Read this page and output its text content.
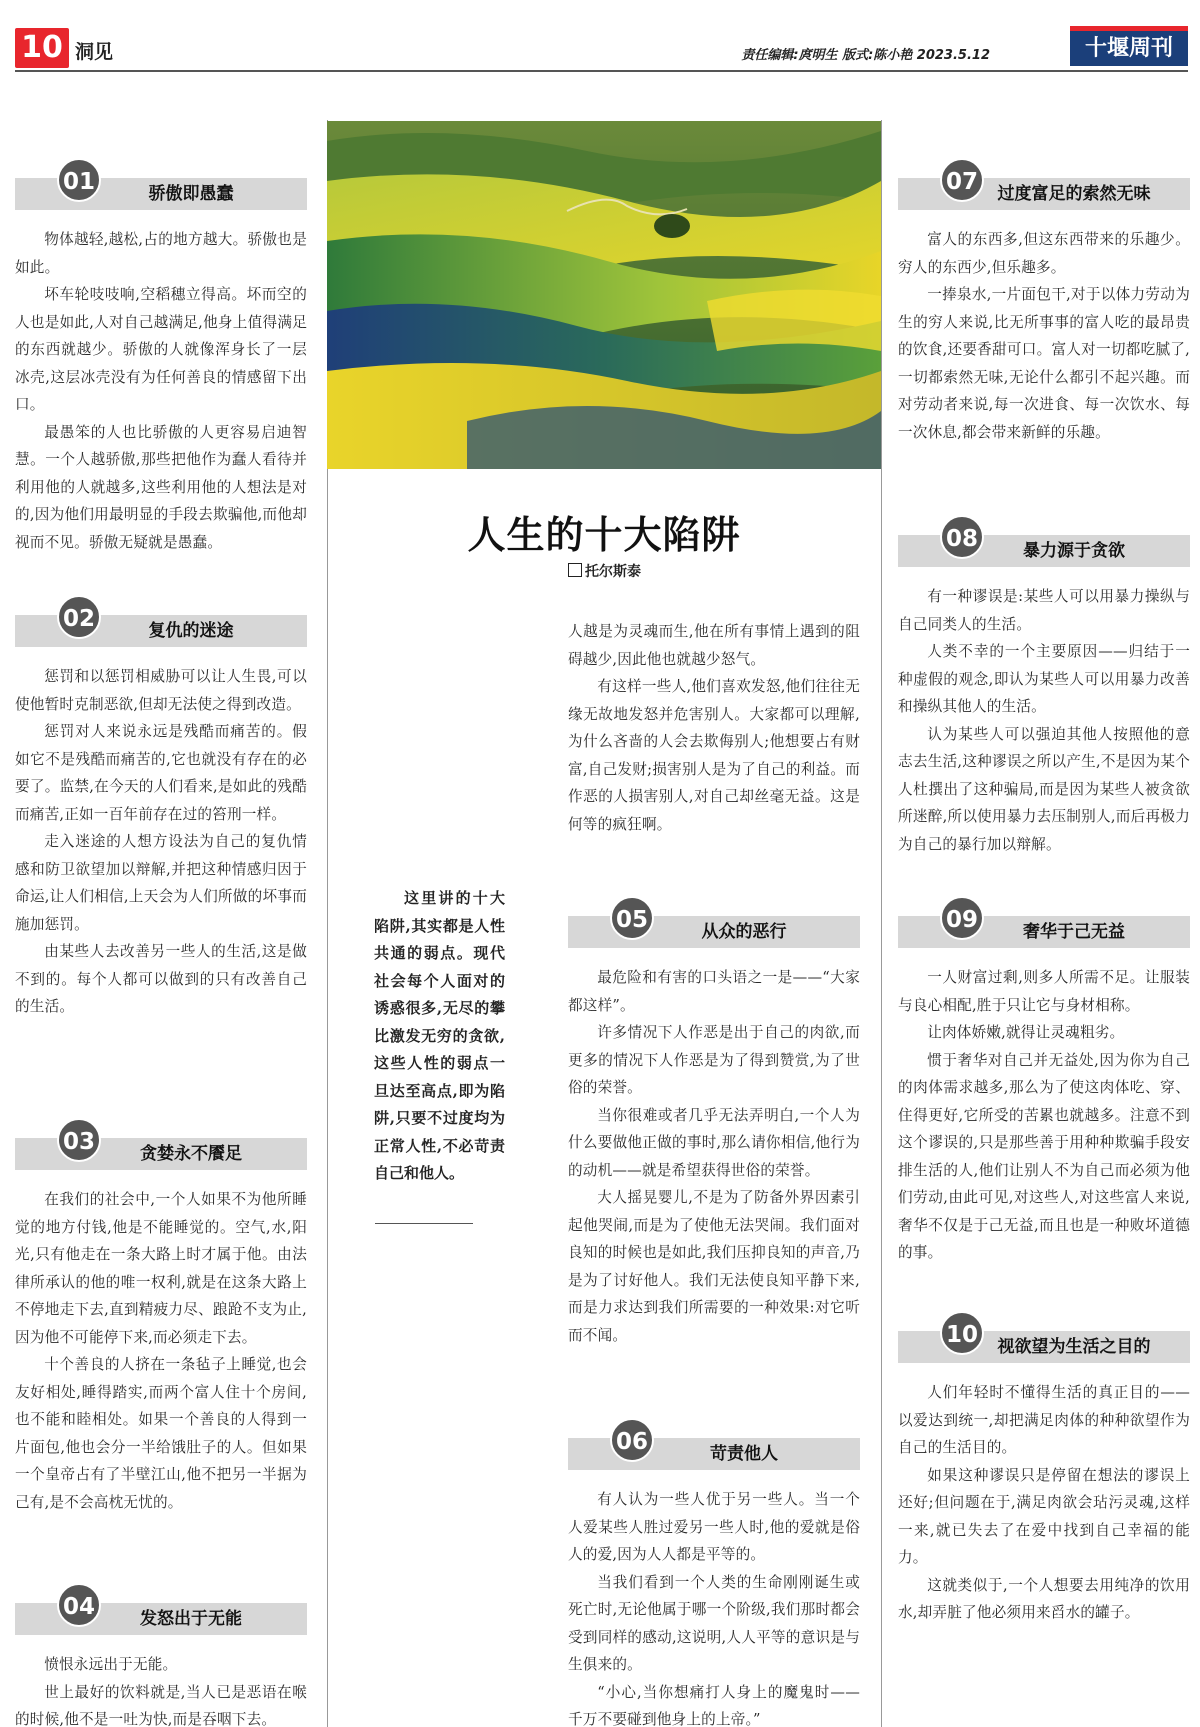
10 洞见	责任编辑:庹明生 版式:陈小艳 2023.5.12	十堰周刊
人生的十大陷阱
托尔斯泰

人越是为灵魂而生,他在所有事情上遇到的阻碍越少,因此他也就越少怒气。

有这样一些人,他们喜欢发怒,他们往往无缘无故地发怒并危害别人。大家都可以理解,为什么吝啬的人会去欺侮别人;他想要占有财富,自己发财;损害别人是为了自己的利益。而作恶的人损害别人,对自己却丝毫无益。这是何等的疯狂啊。

这里讲的十大陷阱,其实都是人性共通的弱点。现代社会每个人面对的诱惑很多,无尽的攀比激发无穷的贪欲,这些人性的弱点一旦达至高点,即为陷阱,只要不过度均为正常人性,不必苛责自己和他人。

01	骄傲即愚蠢

物体越轻,越松,占的地方越大。骄傲也是如此。

坏车轮吱吱响,空稻穗立得高。坏而空的人也是如此,人对自己越满足,他身上值得满足的东西就越少。骄傲的人就像浑身长了一层冰壳,这层冰壳没有为任何善良的情感留下出口。

最愚笨的人也比骄傲的人更容易启迪智慧。一个人越骄傲,那些把他作为蠢人看待并利用他的人就越多,这些利用他的人想法是对的,因为他们用最明显的手段去欺骗他,而他却视而不见。骄傲无疑就是愚蠢。

02	复仇的迷途

惩罚和以惩罚相威胁可以让人生畏,可以使他暂时克制恶欲,但却无法使之得到改造。

惩罚对人来说永远是残酷而痛苦的。假如它不是残酷而痛苦的,它也就没有存在的必要了。监禁,在今天的人们看来,是如此的残酷而痛苦,正如一百年前存在过的笞刑一样。

走入迷途的人想方设法为自己的复仇情感和防卫欲望加以辩解,并把这种情感归因于命运,让人们相信,上天会为人们所做的坏事而施加惩罚。

由某些人去改善另一些人的生活,这是做不到的。每个人都可以做到的只有改善自己的生活。

03	贪婪永不餍足

在我们的社会中,一个人如果不为他所睡觉的地方付钱,他是不能睡觉的。空气,水,阳光,只有他走在一条大路上时才属于他。由法律所承认的他的唯一权利,就是在这条大路上不停地走下去,直到精疲力尽、踉跄不支为止,因为他不可能停下来,而必须走下去。

十个善良的人挤在一条毡子上睡觉,也会友好相处,睡得踏实,而两个富人住十个房间,也不能和睦相处。如果一个善良的人得到一片面包,他也会分一半给饿肚子的人。但如果一个皇帝占有了半壁江山,他不把另一半据为己有,是不会高枕无忧的。

04	发怒出于无能

愤恨永远出于无能。

世上最好的饮料就是,当人已是恶语在喉的时候,他不是一吐为快,而是吞咽下去。

05	从众的恶行

最危险和有害的口头语之一是——“大家都这样”。

许多情况下人作恶是出于自己的肉欲,而更多的情况下人作恶是为了得到赞赏,为了世俗的荣誉。

当你很难或者几乎无法弄明白,一个人为什么要做他正做的事时,那么请你相信,他行为的动机——就是希望获得世俗的荣誉。

大人摇晃婴儿,不是为了防备外界因素引起他哭闹,而是为了使他无法哭闹。我们面对良知的时候也是如此,我们压抑良知的声音,乃是为了讨好他人。我们无法使良知平静下来,而是力求达到我们所需要的一种效果:对它听而不闻。

06	苛责他人

有人认为一些人优于另一些人。当一个人爱某些人胜过爱另一些人时,他的爱就是俗人的爱,因为人人都是平等的。

当我们看到一个人类的生命刚刚诞生或死亡时,无论他属于哪一个阶级,我们那时都会受到同样的感动,这说明,人人平等的意识是与生俱来的。

“小心,当你想痛打人身上的魔鬼时——千万不要碰到他身上的上帝。”

07	过度富足的索然无味

富人的东西多,但这东西带来的乐趣少。穷人的东西少,但乐趣多。

一捧泉水,一片面包干,对于以体力劳动为生的穷人来说,比无所事事的富人吃的最昂贵的饮食,还要香甜可口。富人对一切都吃腻了,一切都索然无味,无论什么都引不起兴趣。而对劳动者来说,每一次进食、每一次饮水、每一次休息,都会带来新鲜的乐趣。

08	暴力源于贪欲

有一种谬误是:某些人可以用暴力操纵与自己同类人的生活。

人类不幸的一个主要原因——归结于一种虚假的观念,即认为某些人可以用暴力改善和操纵其他人的生活。

认为某些人可以强迫其他人按照他的意志去生活,这种谬误之所以产生,不是因为某个人杜撰出了这种骗局,而是因为某些人被贪欲所迷醉,所以使用暴力去压制别人,而后再极力为自己的暴行加以辩解。

09	奢华于己无益

一人财富过剩,则多人所需不足。让服装与良心相配,胜于只让它与身材相称。

让肉体娇嫩,就得让灵魂粗劣。

惯于奢华对自己并无益处,因为你为自己的肉体需求越多,那么为了使这肉体吃、穿、住得更好,它所受的苦累也就越多。注意不到这个谬误的,只是那些善于用种种欺骗手段安排生活的人,他们让别人不为自己而必须为他们劳动,由此可见,对这些人,对这些富人来说,奢华不仅是于己无益,而且也是一种败坏道德的事。

10	视欲望为生活之目的

人们年轻时不懂得生活的真正目的——以爱达到统一,却把满足肉体的种种欲望作为自己的生活目的。

如果这种谬误只是停留在想法的谬误上还好;但问题在于,满足肉欲会玷污灵魂,这样一来,就已失去了在爱中找到自己幸福的能力。

这就类似于,一个人想要去用纯净的饮用水,却弄脏了他必须用来舀水的罐子。
